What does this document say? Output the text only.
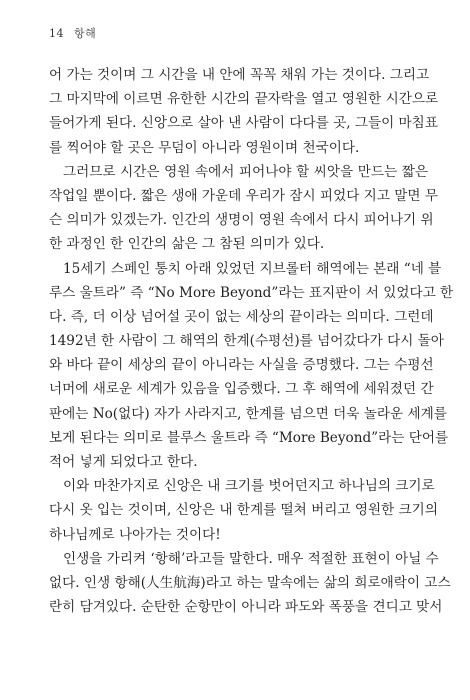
14 항해
어 가는 것이며 그 시간을 내 안에 꼭꼭 채워 가는 것이다. 그리고
그 마지막에 이르면 유한한 시간의 끝자락을 열고 영원한 시간으로
들어가게 된다. 신앙으로 살아 낸 사람이 다다를 곳, 그들이 마침표
를 찍어야 할 곳은 무덤이 아니라 영원이며 천국이다.
그러므로 시간은 영원 속에서 피어나야 할 씨앗을 만드는 짧은
작업일 뿐이다. 짧은 생애 가운데 우리가 잠시 피었다 지고 말면 무
슨 의미가 있겠는가. 인간의 생명이 영원 속에서 다시 피어나기 위
한 과정인 한 인간의 삶은 그 참된 의미가 있다.
15세기 스페인 통치 아래 있었던 지브롤터 해역에는 본래 “네 블
루스 울트라” 즉 “No More Beyond”라는 표지판이 서 있었다고 한
다. 즉, 더 이상 넘어설 곳이 없는 세상의 끝이라는 의미다. 그런데
1492년 한 사람이 그 해역의 한계(수평선)를 넘어갔다가 다시 돌아
와 바다 끝이 세상의 끝이 아니라는 사실을 증명했다. 그는 수평선
너머에 새로운 세계가 있음을 입증했다. 그 후 해역에 세워졌던 간
판에는 No(없다) 자가 사라지고, 한계를 넘으면 더욱 놀라운 세계를
보게 된다는 의미로 블루스 울트라 즉 “More Beyond”라는 단어를
적어 넣게 되었다고 한다.
이와 마찬가지로 신앙은 내 크기를 벗어던지고 하나님의 크기로
다시 옷 입는 것이며, 신앙은 내 한계를 떨쳐 버리고 영원한 크기의
하나님께로 나아가는 것이다!
인생을 가리켜 ‘항해’라고들 말한다. 매우 적절한 표현이 아닐 수
없다. 인생 항해(人生航海)라고 하는 말속에는 삶의 희로애락이 고스
란히 담겨있다. 순탄한 순항만이 아니라 파도와 폭풍을 견디고 맞서
